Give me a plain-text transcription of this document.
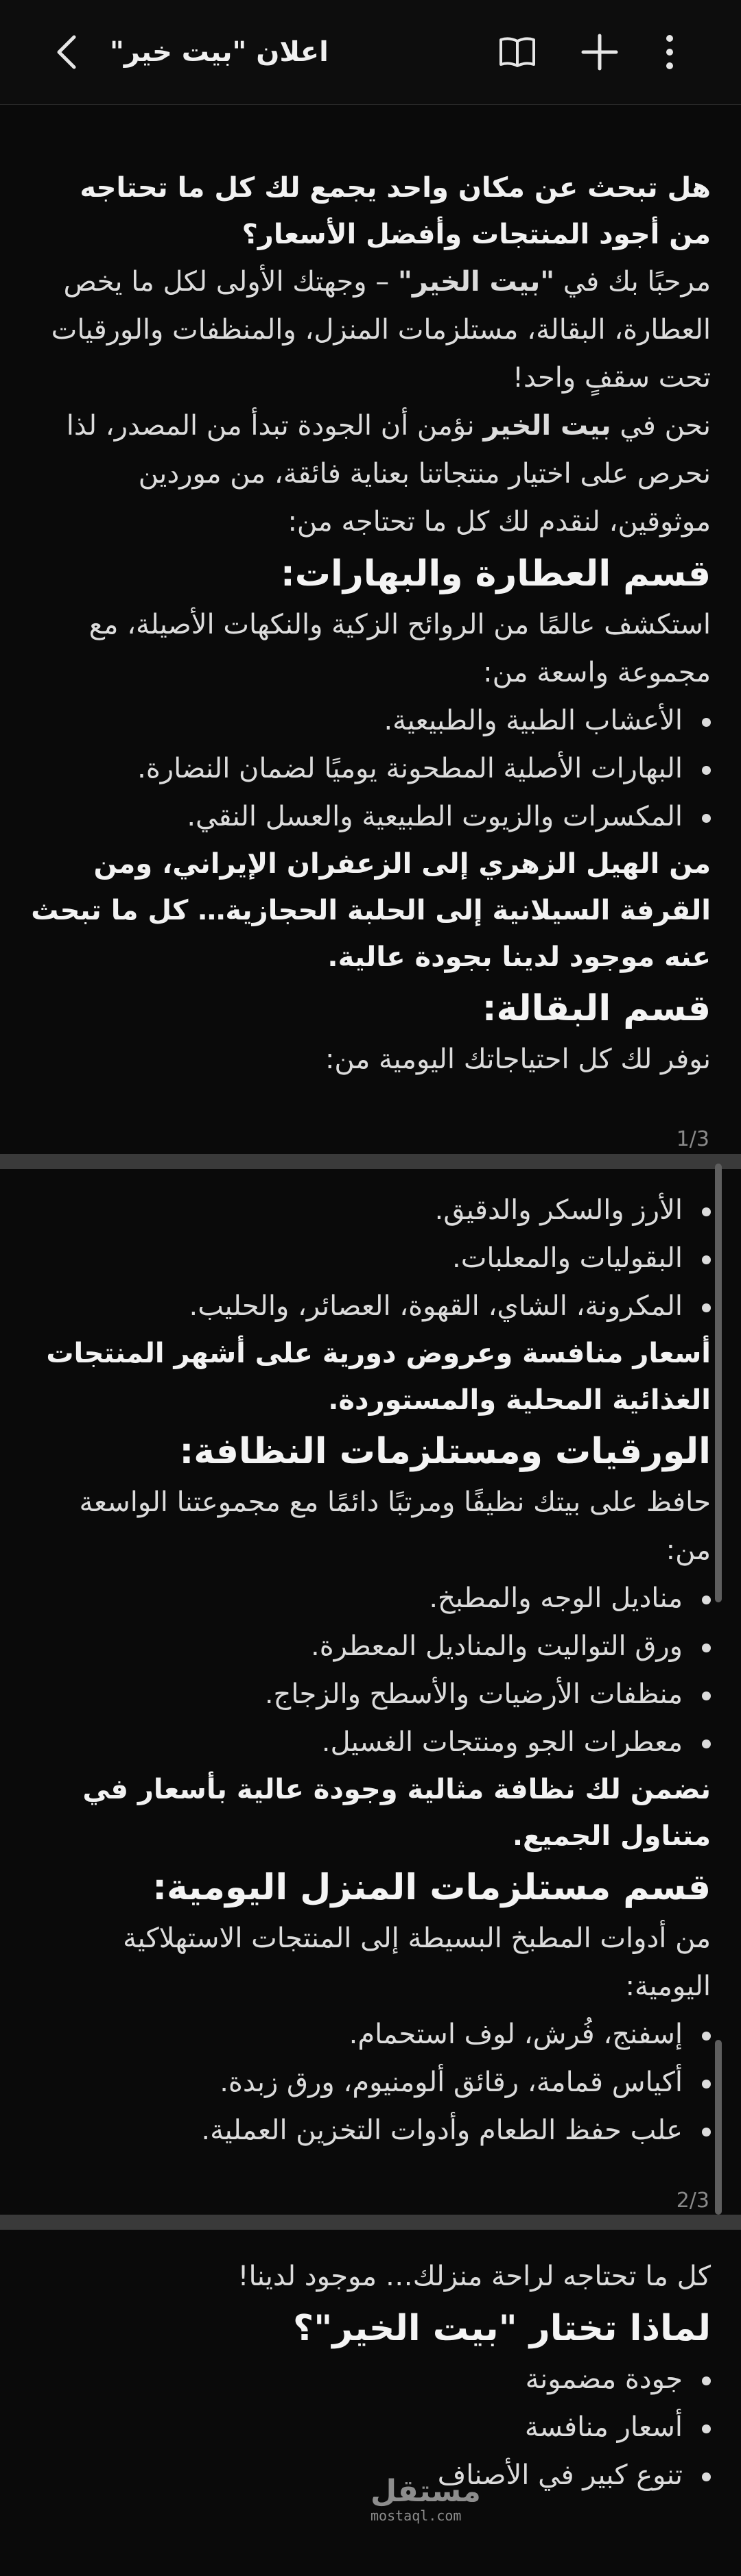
اعلان "بيت خير"

هل تبحث عن مكان واحد يجمع لك كل ما تحتاجه من أجود المنتجات وأفضل الأسعار؟

مرحبًا بك في "بيت الخير" – وجهتك الأولى لكل ما يخص العطارة، البقالة، مستلزمات المنزل، والمنظفات والورقيات تحت سقفٍ واحد!

نحن في بيت الخير نؤمن أن الجودة تبدأ من المصدر، لذا نحرص على اختيار منتجاتنا بعناية فائقة، من موردين موثوقين، لنقدم لك كل ما تحتاجه من:

قسم العطارة والبهارات:

استكشف عالمًا من الروائح الزكية والنكهات الأصيلة، مع مجموعة واسعة من:

الأعشاب الطبية والطبيعية.

البهارات الأصلية المطحونة يوميًا لضمان النضارة.

المكسرات والزيوت الطبيعية والعسل النقي.

من الهيل الزهري إلى الزعفران الإيراني، ومن القرفة السيلانية إلى الحلبة الحجازية… كل ما تبحث عنه موجود لدينا بجودة عالية.

قسم البقالة:

نوفر لك كل احتياجاتك اليومية من:

1/3

الأرز والسكر والدقيق.

البقوليات والمعلبات.

المكرونة، الشاي، القهوة، العصائر، والحليب.

أسعار منافسة وعروض دورية على أشهر المنتجات الغذائية المحلية والمستوردة.

الورقيات ومستلزمات النظافة:

حافظ على بيتك نظيفًا ومرتبًا دائمًا مع مجموعتنا الواسعة من:

مناديل الوجه والمطبخ.

ورق التواليت والمناديل المعطرة.

منظفات الأرضيات والأسطح والزجاج.

معطرات الجو ومنتجات الغسيل.

نضمن لك نظافة مثالية وجودة عالية بأسعار في متناول الجميع.

قسم مستلزمات المنزل اليومية:

من أدوات المطبخ البسيطة إلى المنتجات الاستهلاكية اليومية:

إسفنج، فُرش، لوف استحمام.

أكياس قمامة، رقائق ألومنيوم، ورق زبدة.

علب حفظ الطعام وأدوات التخزين العملية.

2/3

كل ما تحتاجه لراحة منزلك… موجود لدينا!

لماذا تختار "بيت الخير"؟

جودة مضمونة

أسعار منافسة

تنوع كبير في الأصناف

مستقل
mostaql.com
